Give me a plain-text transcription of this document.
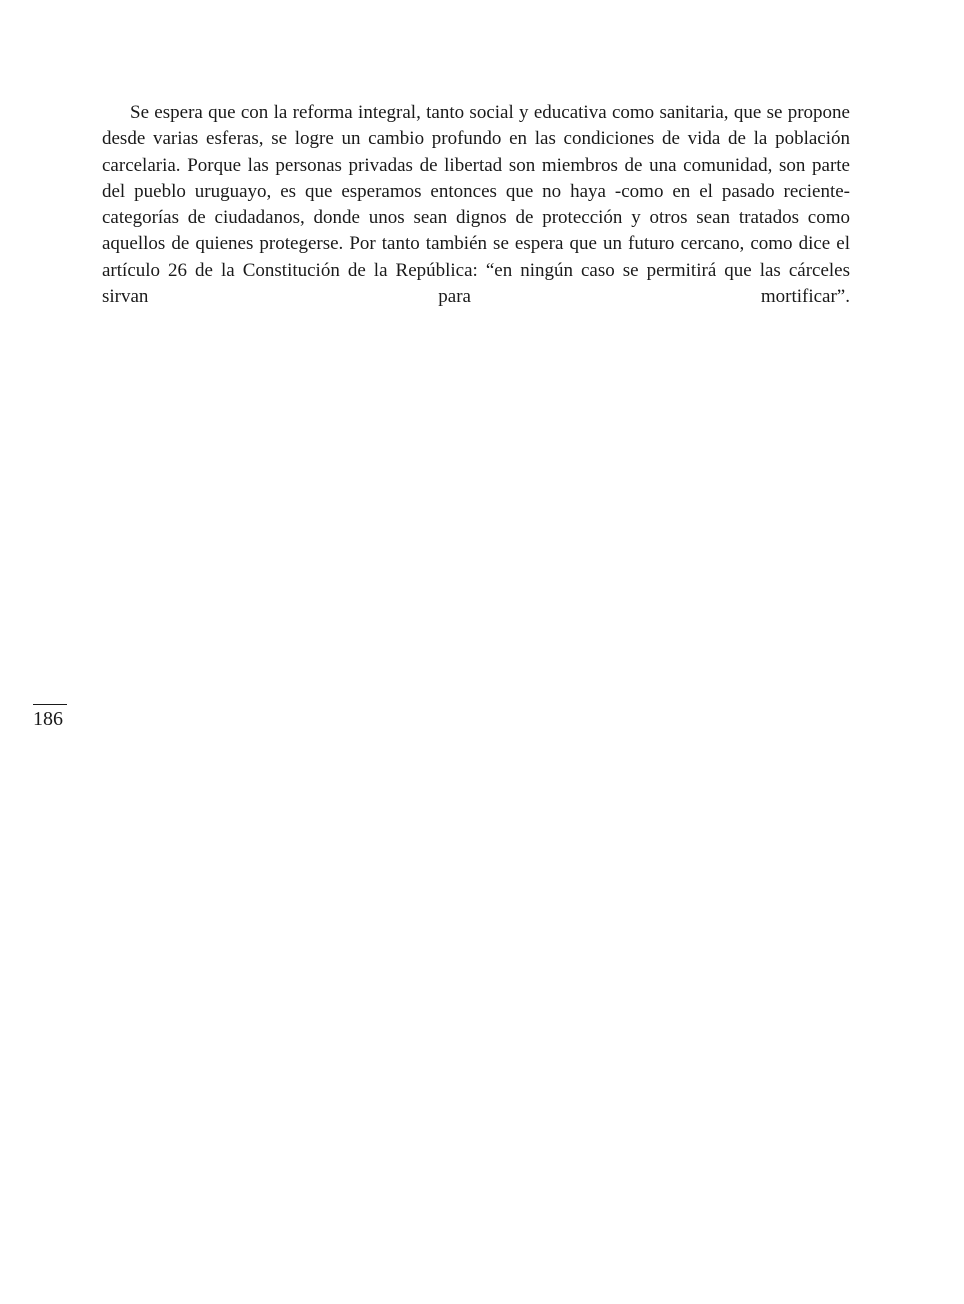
Se espera que con la reforma integral, tanto social y educativa como sanitaria, que se propone desde varias esferas, se logre un cambio profundo en las condiciones de vida de la población carcelaria. Porque las personas privadas de libertad son miembros de una comunidad, son parte del pueblo uruguayo, es que esperamos entonces que no haya -como en el pasado reciente- categorías de ciudadanos, donde unos sean dignos de protección y otros sean tratados como aquellos de quienes protegerse. Por tanto también se espera que un futuro cercano, como dice el artículo 26 de la Constitución de la República: “en ningún caso se permitirá que las cárceles sirvan para mortificar”.

186
